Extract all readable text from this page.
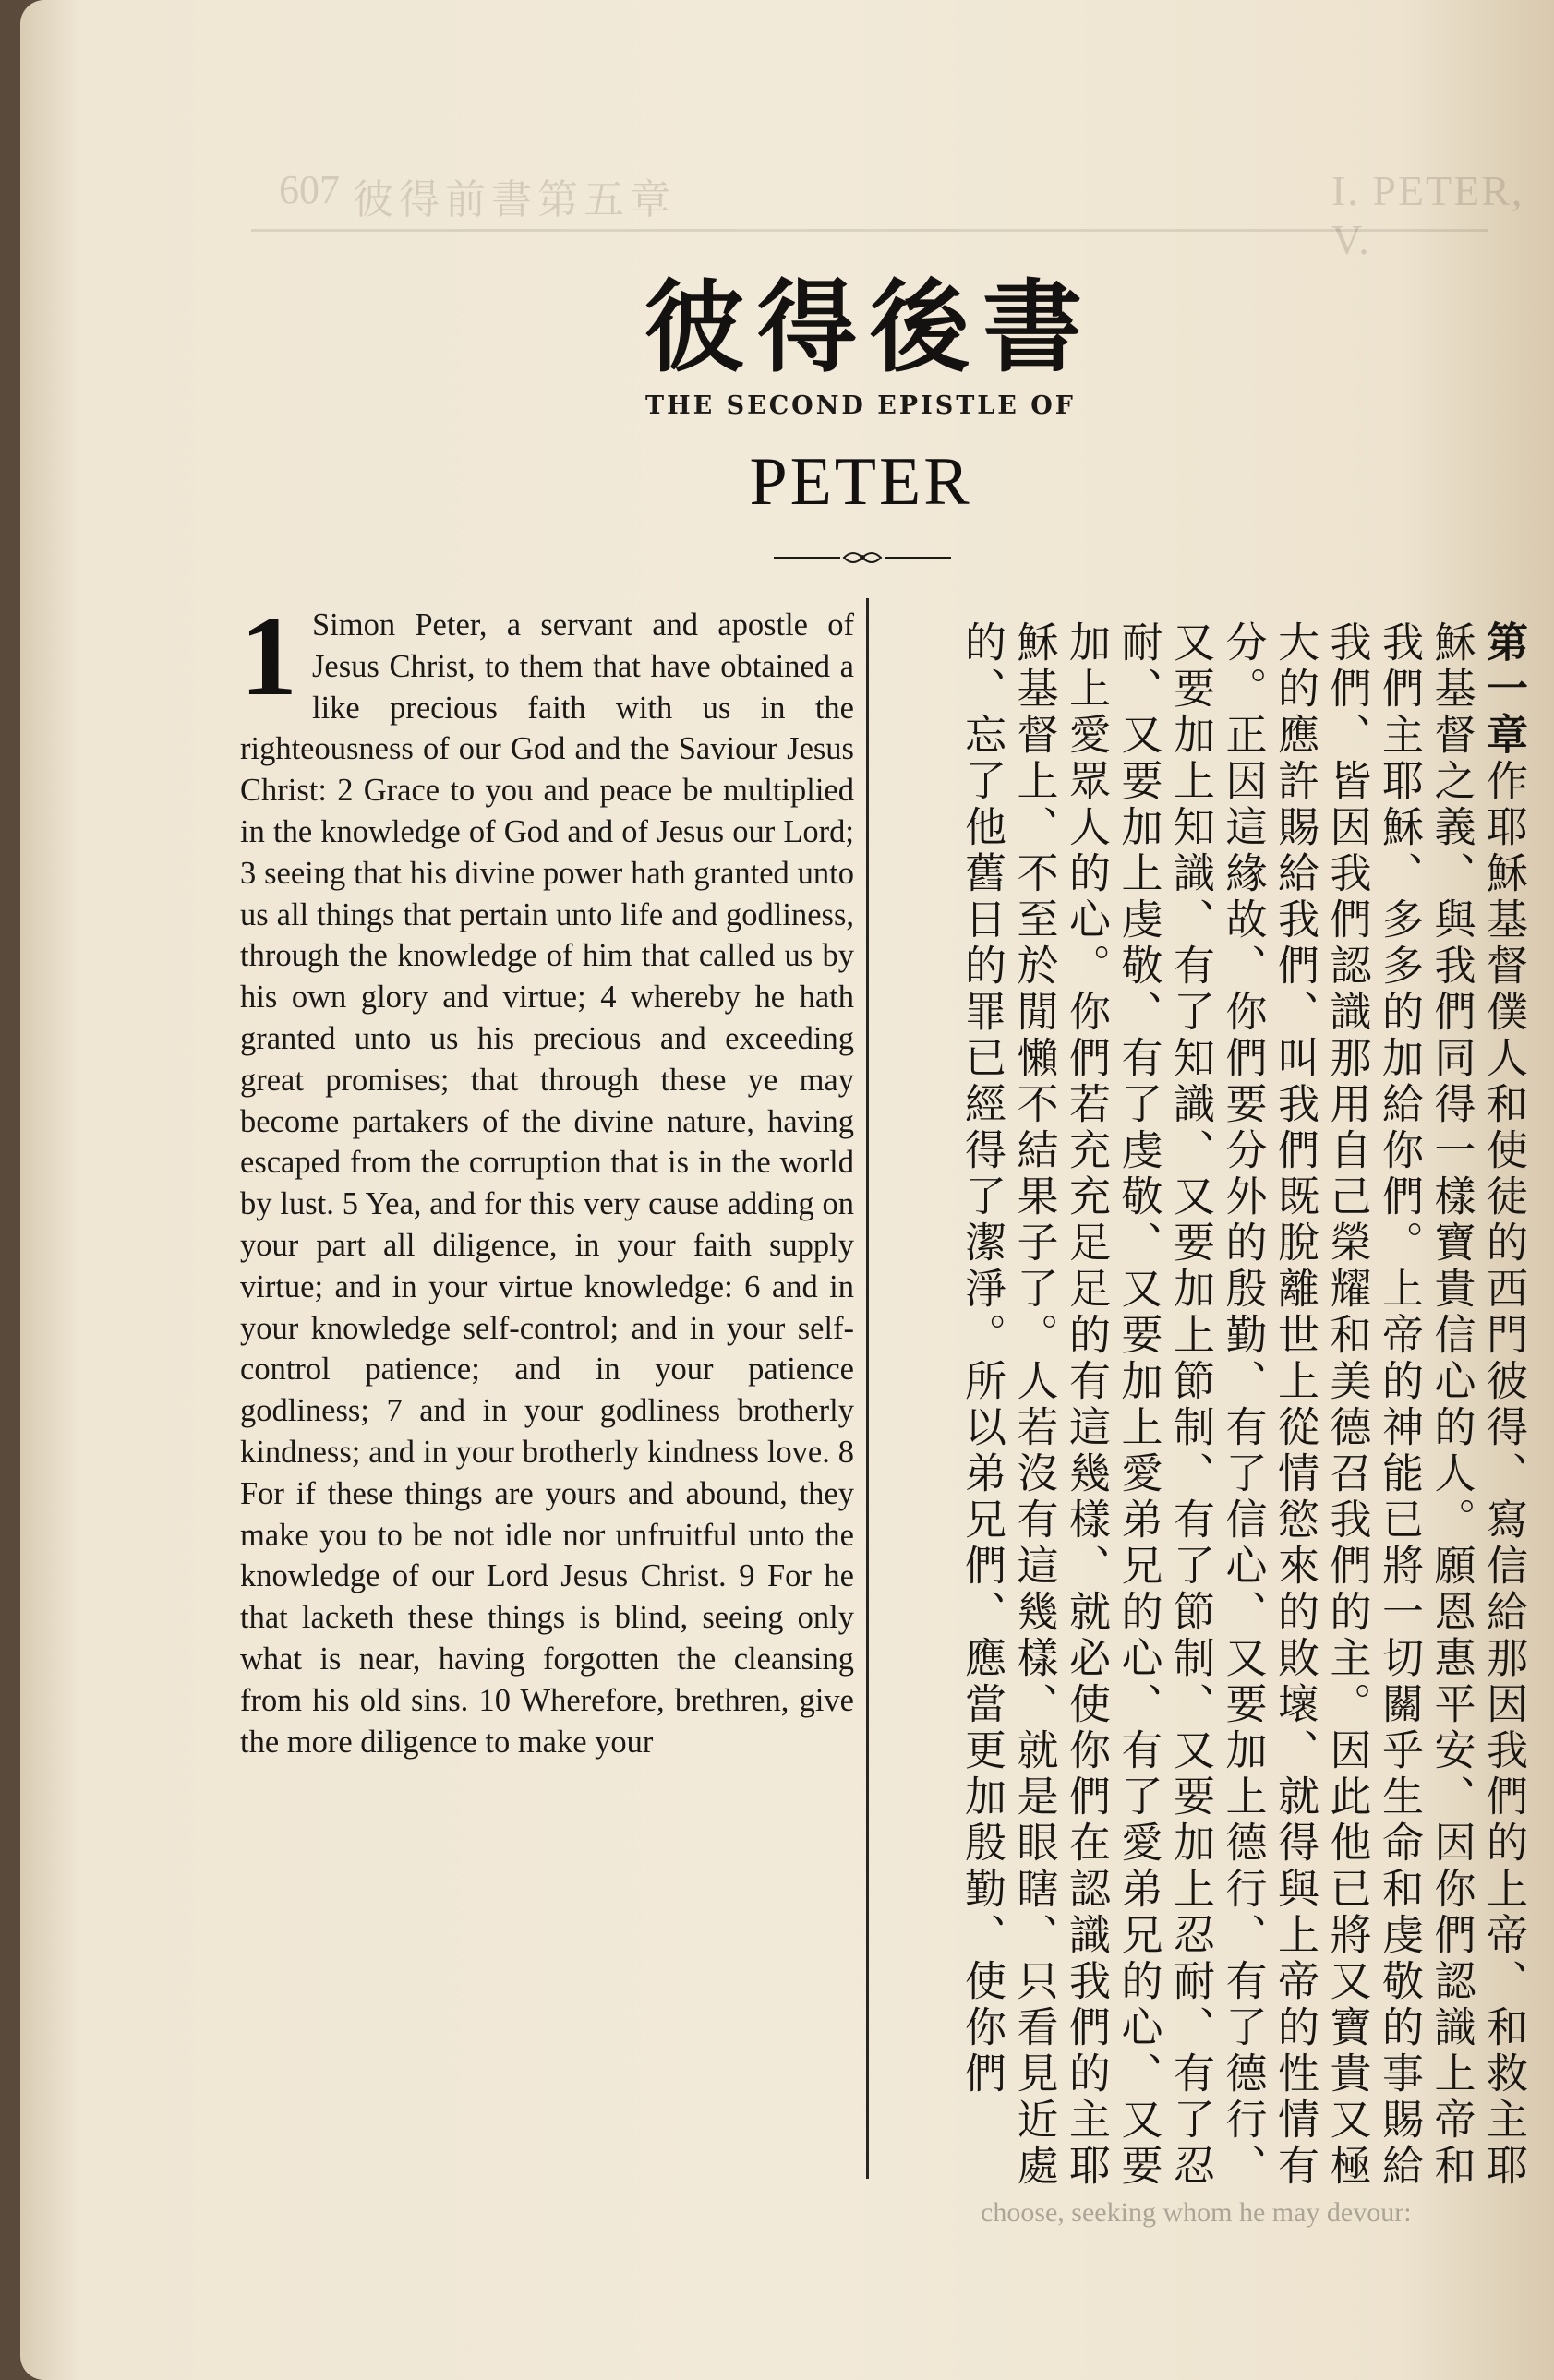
607 彼得前書第五章	I. PETER, V.
彼得後書
THE SECOND EPISTLE OF
PETER
1 Simon Peter, a servant and apostle of Jesus Christ, to them that have obtained a like precious faith with us in the righteousness of our God and the Saviour Jesus Christ: 2 Grace to you and peace be multiplied in the knowledge of God and of Jesus our Lord; 3 seeing that his divine power hath granted unto us all things that pertain unto life and godliness, through the knowledge of him that called us by his own glory and virtue; 4 whereby he hath granted unto us his precious and exceeding great promises; that through these ye may become partakers of the divine nature, having escaped from the corruption that is in the world by lust. 5 Yea, and for this very cause adding on your part all diligence, in your faith supply virtue; and in your virtue knowledge: 6 and in your knowledge self-control; and in your self-control patience; and in your patience godliness; 7 and in your godliness brotherly kindness; and in your brotherly kindness love. 8 For if these things are yours and abound, they make you to be not idle nor unfruitful unto the knowledge of our Lord Jesus Christ. 9 For he that lacketh these things is blind, seeing only what is near, having forgotten the cleansing from his old sins. 10 Wherefore, brethren, give the more diligence to make your
第一章作耶穌基督僕人和使徒的西門彼得、寫信給那因我們的上帝、和救主耶穌基督之義、與我們同得一樣寶貴信心的人。願恩惠平安、因你們認識上帝和我們主耶穌、多多的加給你們。上帝的神能已將一切關乎生命和虔敬的事賜給我們、皆因我們認識那用自己榮耀和美德召我們的主。因此他已將又寶貴又極大的應許賜給我們、叫我們既脫離世上從情慾來的敗壞、就得與上帝的性情有分。正因這緣故、你們要分外的殷勤、有了信心、又要加上德行、有了德行、又要加上知識、有了知識、又要加上節制、有了節制、又要加上忍耐、有了忍耐、又要加上虔敬、有了虔敬、又要加上愛弟兄的心、有了愛弟兄的心、又要加上愛眾人的心。你們若充充足足的有這幾樣、就必使你們在認識我們的主耶穌基督上、不至於閒懶不結果子了。人若沒有這幾樣、就是眼瞎、只看見近處的、忘了他舊日的罪已經得了潔淨。所以弟兄們、應當更加殷勤、使你們
choose, seeking whom he may devour:
